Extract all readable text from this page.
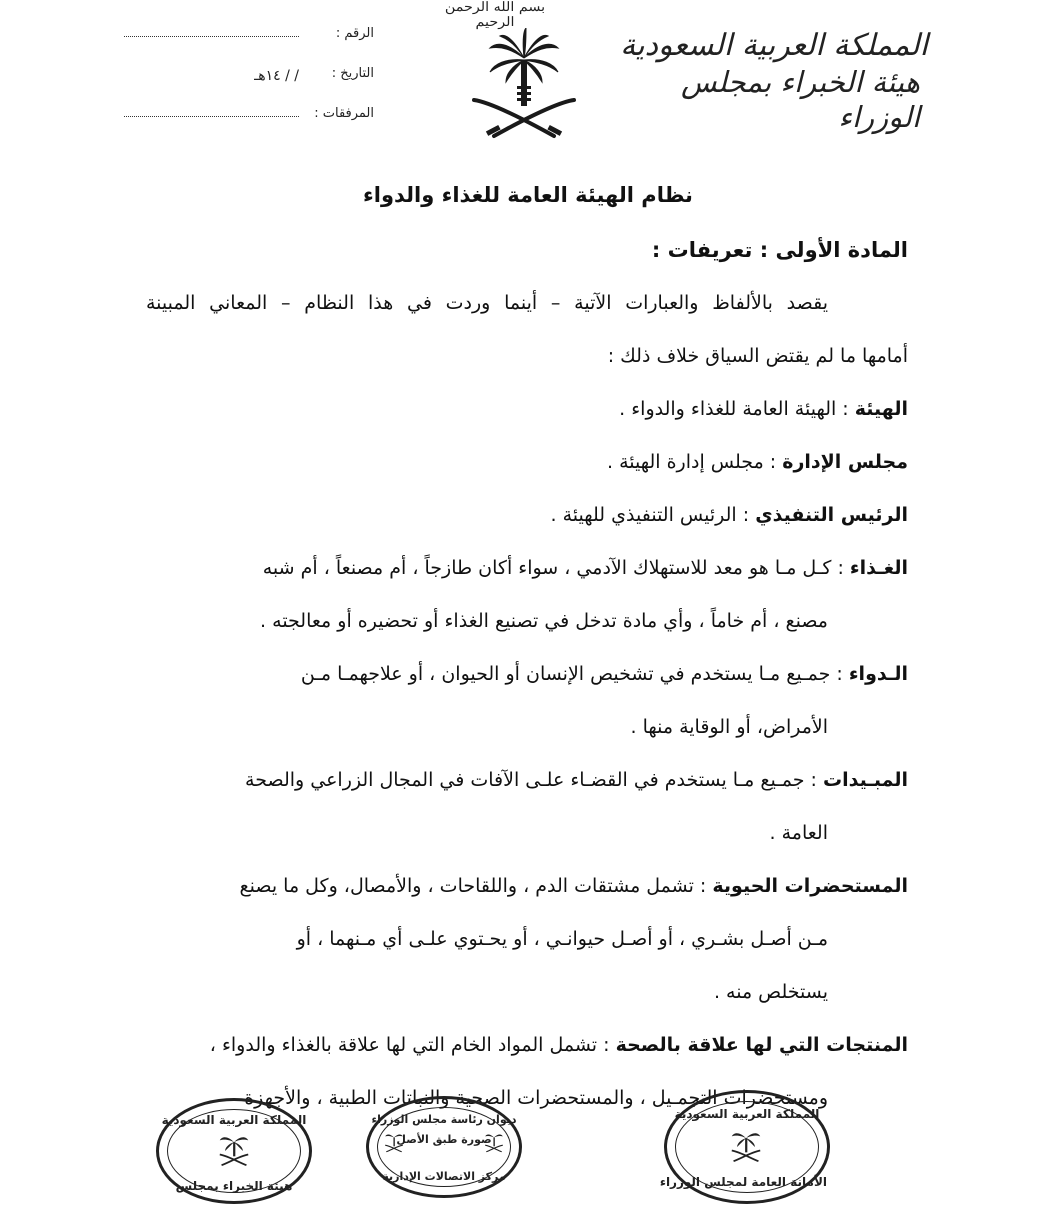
بسم الله الرحمن الرحيم
المملكة العربية السعودية
هيئة الخبراء بمجلس الوزراء
الرقم :
التاريخ :
/ / ١٤هـ
المرفقات :
نظام الهيئة العامة للغذاء والدواء
المادة الأولى : تعريفات :
يقصد بالألفاظ والعبارات الآتية – أينما وردت في هذا النظام – المعاني المبينة
أمامها ما لم يقتض السياق خلاف ذلك :
الهيئة : الهيئة العامة للغذاء والدواء .
مجلس الإدارة : مجلس إدارة الهيئة .
الرئيس التنفيذي : الرئيس التنفيذي للهيئة .
الغـذاء : كـل مـا هو معد للاستهلاك الآدمي ، سواء أكان طازجاً ، أم مصنعاً ، أم شبه
مصنع ، أم خاماً ، وأي مادة تدخل في تصنيع الغذاء أو تحضيره أو معالجته .
الـدواء : جمـيع مـا يستخدم في تشخيص الإنسان أو الحيوان ، أو علاجهمـا مـن
الأمراض، أو الوقاية منها .
المبـيدات : جمـيع مـا يستخدم في القضـاء علـى الآفات في المجال الزراعي والصحة
العامة .
المستحضرات الحيوية : تشمل مشتقات الدم ، واللقاحات ، والأمصال، وكل ما يصنع
مـن أصـل بشـري ، أو أصـل حيوانـي ، أو يحـتوي علـى أي مـنهما ، أو
يستخلص منه .
المنتجات التي لها علاقة بالصحة : تشمل المواد الخام التي لها علاقة بالغذاء والدواء ،
ومستحضرات التجمـيل ، والمستحضرات الصحية والنباتات الطبية ، والأجهزة
المملكة العربية السعودية
هيئة الخبراء بمجلس
ديوان رئاسة مجلس الوزراء
صورة طبق الأصل
مركز الاتصالات الإدارية
المملكة العربية السعودية
الأمانة العامة لمجلس الوزراء
